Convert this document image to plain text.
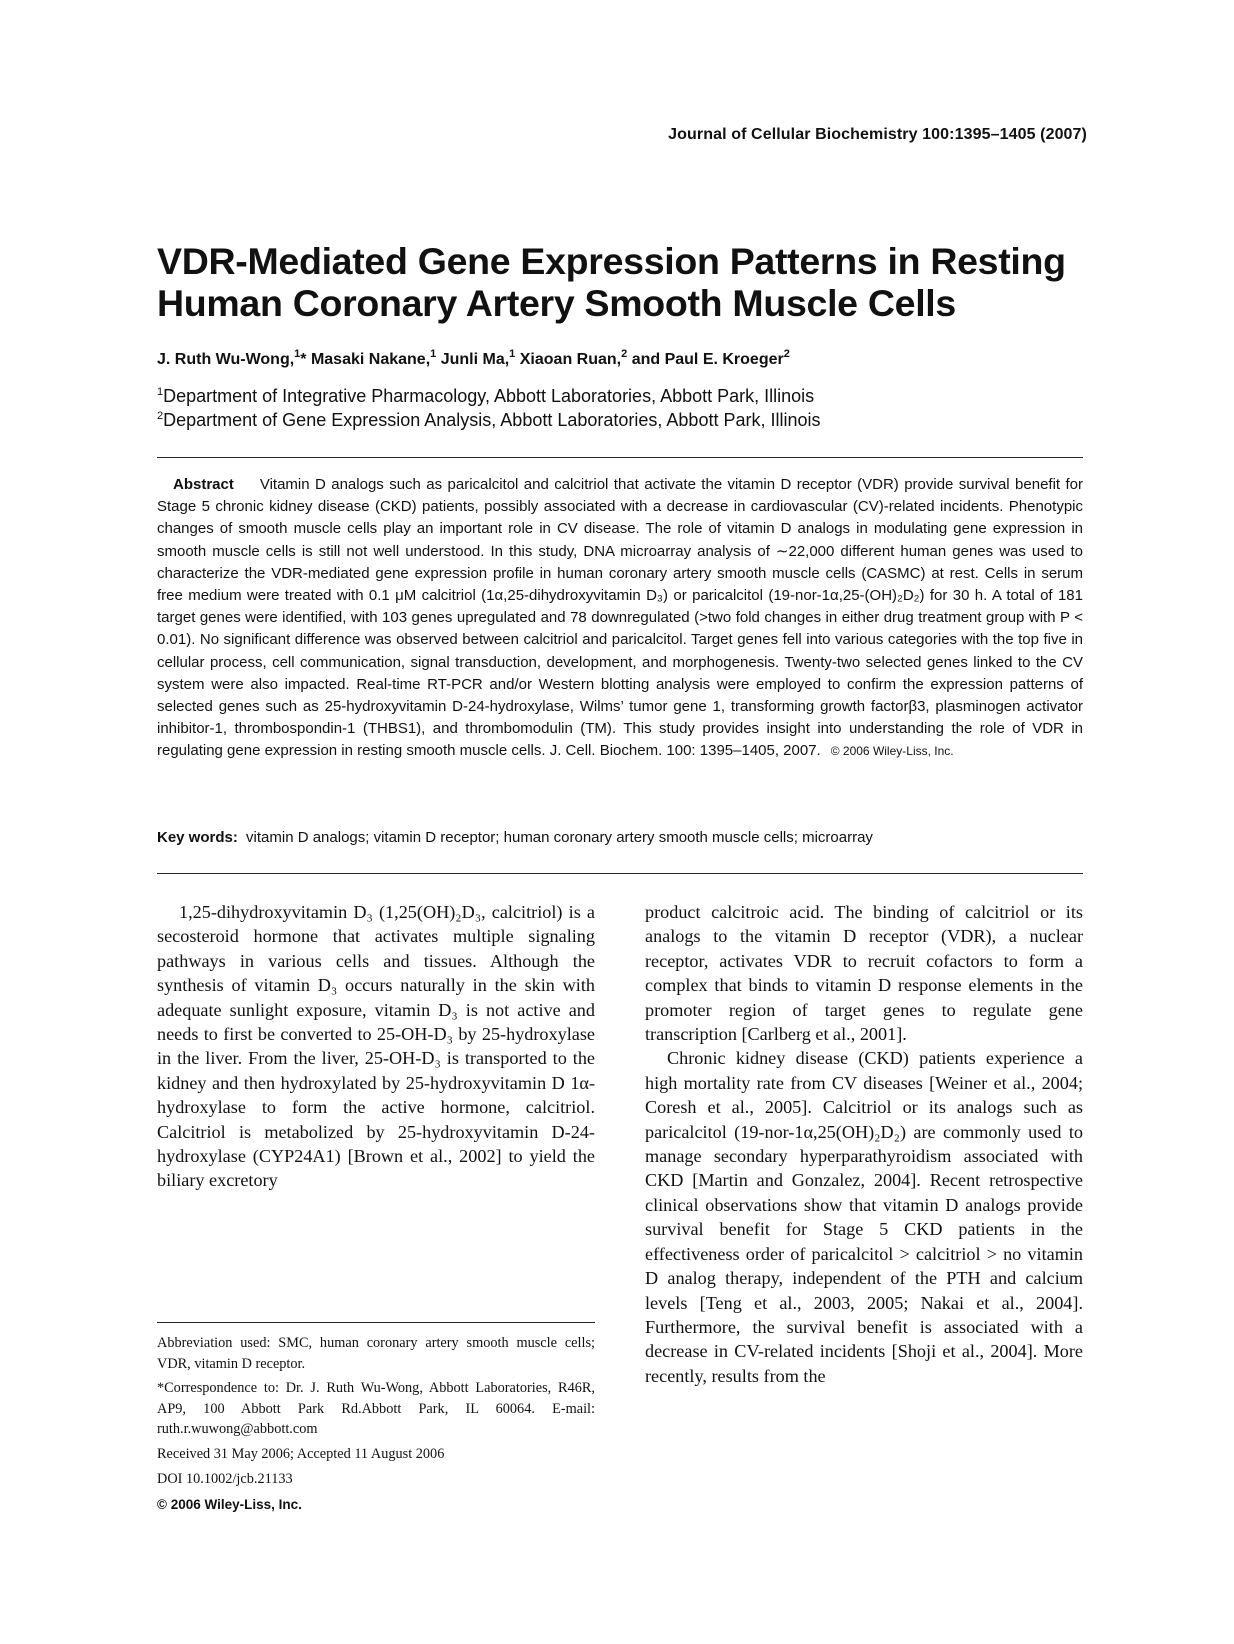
Journal of Cellular Biochemistry 100:1395–1405 (2007)
VDR-Mediated Gene Expression Patterns in Resting
Human Coronary Artery Smooth Muscle Cells
J. Ruth Wu-Wong,$^1$* Masaki Nakane,$^1$ Junli Ma,$^1$ Xiaoan Ruan,$^2$ and Paul E. Kroeger$^2$
$^1$Department of Integrative Pharmacology, Abbott Laboratories, Abbott Park, Illinois
$^2$Department of Gene Expression Analysis, Abbott Laboratories, Abbott Park, Illinois

Abstract Vitamin D analogs such as paricalcitol and calcitriol that activate the vitamin D receptor (VDR) provide survival benefit for Stage 5 chronic kidney disease (CKD) patients, possibly associated with a decrease in cardiovascular (CV)-related incidents. Phenotypic changes of smooth muscle cells play an important role in CV disease. The role of vitamin D analogs in modulating gene expression in smooth muscle cells is still not well understood. In this study, DNA microarray analysis of ∼22,000 different human genes was used to characterize the VDR-mediated gene expression profile in human coronary artery smooth muscle cells (CASMC) at rest. Cells in serum free medium were treated with 0.1 μM calcitriol (1α,25-dihydroxyvitamin D₃) or paricalcitol (19-nor-1α,25-(OH)₂D₂) for 30 h. A total of 181 target genes were identified, with 103 genes upregulated and 78 downregulated (>two fold changes in either drug treatment group with P < 0.01). No significant difference was observed between calcitriol and paricalcitol. Target genes fell into various categories with the top five in cellular process, cell communication, signal transduction, development, and morphogenesis. Twenty-two selected genes linked to the CV system were also impacted. Real-time RT-PCR and/or Western blotting analysis were employed to confirm the expression patterns of selected genes such as 25-hydroxyvitamin D-24-hydroxylase, Wilms’ tumor gene 1, transforming growth factorβ3, plasminogen activator inhibitor-1, thrombospondin-1 (THBS1), and thrombomodulin (TM). This study provides insight into understanding the role of VDR in regulating gene expression in resting smooth muscle cells. J. Cell. Biochem. 100: 1395–1405, 2007. © 2006 Wiley-Liss, Inc.

Key words: vitamin D analogs; vitamin D receptor; human coronary artery smooth muscle cells; microarray

1,25-dihydroxyvitamin D₃ (1,25(OH)₂D₃, calcitriol) is a secosteroid hormone that activates multiple signaling pathways in various cells and tissues. Although the synthesis of vitamin D₃ occurs naturally in the skin with adequate sunlight exposure, vitamin D₃ is not active and needs to first be converted to 25-OH-D₃ by 25-hydroxylase in the liver. From the liver, 25-OH-D₃ is transported to the kidney and then hydroxylated by 25-hydroxyvitamin D 1α-hydroxylase to form the active hormone, calcitriol. Calcitriol is metabolized by 25-hydroxyvitamin D-24-hydroxylase (CYP24A1) [Brown et al., 2002] to yield the biliary excretory

product calcitroic acid. The binding of calcitriol or its analogs to the vitamin D receptor (VDR), a nuclear receptor, activates VDR to recruit cofactors to form a complex that binds to vitamin D response elements in the promoter region of target genes to regulate gene transcription [Carlberg et al., 2001].

Chronic kidney disease (CKD) patients experience a high mortality rate from CV diseases [Weiner et al., 2004; Coresh et al., 2005]. Calcitriol or its analogs such as paricalcitol (19-nor-1α,25(OH)₂D₂) are commonly used to manage secondary hyperparathyroidism associated with CKD [Martin and Gonzalez, 2004]. Recent retrospective clinical observations show that vitamin D analogs provide survival benefit for Stage 5 CKD patients in the effectiveness order of paricalcitol > calcitriol > no vitamin D analog therapy, independent of the PTH and calcium levels [Teng et al., 2003, 2005; Nakai et al., 2004]. Furthermore, the survival benefit is associated with a decrease in CV-related incidents [Shoji et al., 2004]. More recently, results from the

Abbreviation used: SMC, human coronary artery smooth muscle cells; VDR, vitamin D receptor.

*Correspondence to: Dr. J. Ruth Wu-Wong, Abbott Laboratories, R46R, AP9, 100 Abbott Park Rd.Abbott Park, IL 60064. E-mail: ruth.r.wuwong@abbott.com

Received 31 May 2006; Accepted 11 August 2006

DOI 10.1002/jcb.21133

© 2006 Wiley-Liss, Inc.
